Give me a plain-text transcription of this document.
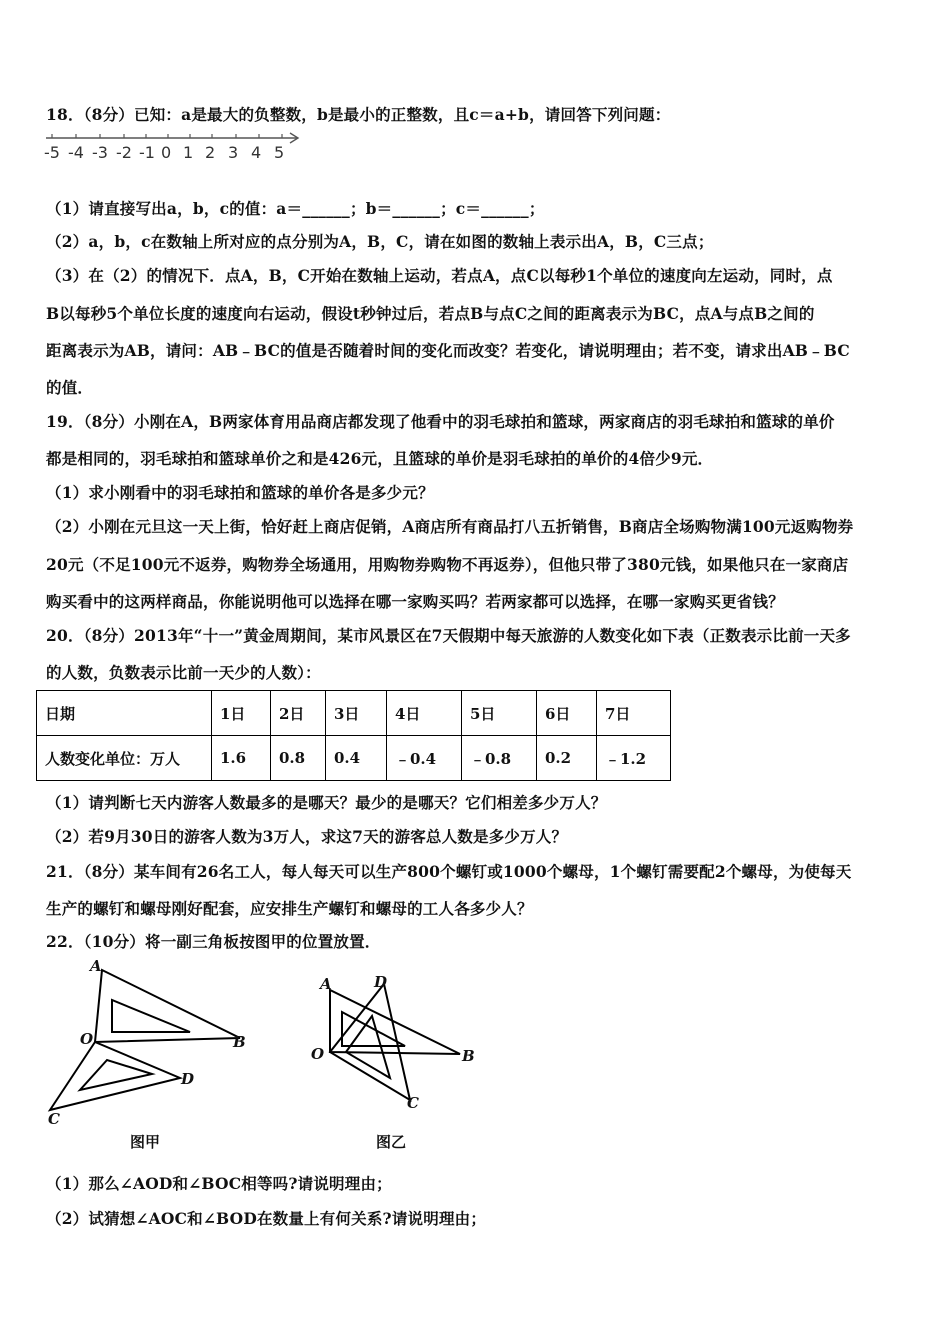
18．（8分）已知：a是最大的负整数，b是最小的正整数，且c＝a+b，请回答下列问题：
-5 -4 -3 -2 -1 0 1 2 3 4 5
（1）请直接写出a，b，c的值：a＝______；b＝______；c＝______；
（2）a，b，c在数轴上所对应的点分别为A，B，C，请在如图的数轴上表示出A，B，C三点；
（3）在（2）的情况下．点A，B，C开始在数轴上运动，若点A，点C以每秒1个单位的速度向左运动，同时，点
B以每秒5个单位长度的速度向右运动，假设t秒钟过后，若点B与点C之间的距离表示为BC，点A与点B之间的
距离表示为AB，请问：AB﹣BC的值是否随着时间的变化而改变？若变化，请说明理由；若不变，请求出AB﹣BC
的值．
19．（8分）小刚在A，B两家体育用品商店都发现了他看中的羽毛球拍和篮球，两家商店的羽毛球拍和篮球的单价
都是相同的，羽毛球拍和篮球单价之和是426元，且篮球的单价是羽毛球拍的单价的4倍少9元．
（1）求小刚看中的羽毛球拍和篮球的单价各是多少元？
（2）小刚在元旦这一天上街，恰好赶上商店促销，A商店所有商品打八五折销售，B商店全场购物满100元返购物券
20元（不足100元不返券，购物券全场通用，用购物券购物不再返券），但他只带了380元钱，如果他只在一家商店
购买看中的这两样商品，你能说明他可以选择在哪一家购买吗？若两家都可以选择，在哪一家购买更省钱？
20．（8分）2013年“十一”黄金周期间，某市风景区在7天假期中每天旅游的人数变化如下表（正数表示比前一天多
的人数，负数表示比前一天少的人数）：
日期	1日	2日	3日	4日	5日	6日	7日
人数变化单位：万人	1.6	0.8	0.4	﹣0.4	﹣0.8	0.2	﹣1.2
（1）请判断七天内游客人数最多的是哪天？最少的是哪天？它们相差多少万人？
（2）若9月30日的游客人数为3万人，求这7天的游客总人数是多少万人？
21．（8分）某车间有26名工人，每人每天可以生产800个螺钉或1000个螺母，1个螺钉需要配2个螺母，为使每天
生产的螺钉和螺母刚好配套，应安排生产螺钉和螺母的工人各多少人？
22．（10分）将一副三角板按图甲的位置放置．
A
O	B
D
C
图甲
A	D
O	B
C
图乙
（1）那么∠AOD和∠BOC相等吗?请说明理由；
（2）试猜想∠AOC和∠BOD在数量上有何关系?请说明理由；
